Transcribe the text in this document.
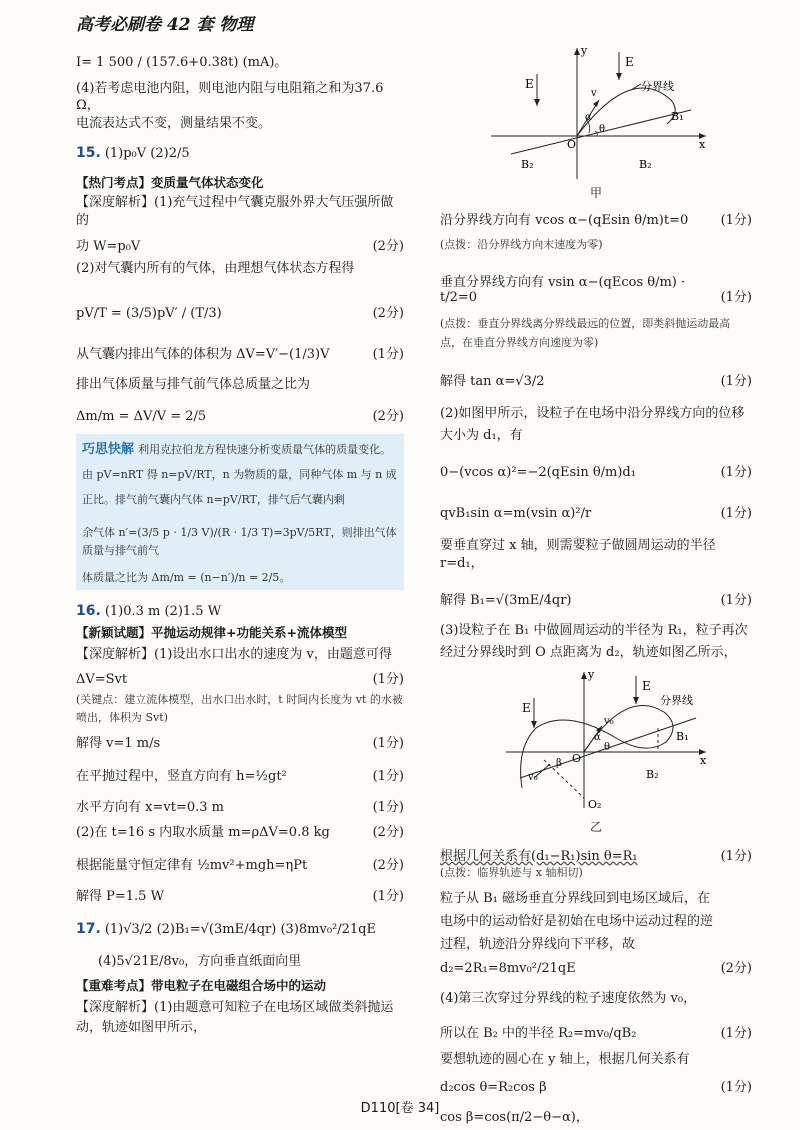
高考必刷卷 42 套 物理

I= 1 500 / (157.6+0.38t) (mA)。

(4)若考虑电池内阻，则电池内阻与电阻箱之和为37.6 Ω，

电流表达式不变，测量结果不变。

15. (1)p₀V (2)2/5

【热门考点】变质量气体状态变化

【深度解析】(1)充气过程中气囊克服外界大气压强所做的

功 W=p₀V	(2分)

(2)对气囊内所有的气体，由理想气体状态方程得

pV/T = (3/5)pV′ / (T/3)	(2分)
从气囊内排出气体的体积为 ΔV=V′−(1/3)V	(1分)

排出气体质量与排气前气体总质量之比为

Δm/m = ΔV/V = 2/5	(2分)

巧思快解 利用克拉伯龙方程快速分析变质量气体的质量变化。由 pV=nRT 得 n=pV/RT，n 为物质的量，同种气体 m 与 n 成正比。排气前气囊内气体 n=pV/RT，排气后气囊内剩

余气体 n′=(3/5 p · 1/3 V)/(R · 1/3 T)=3pV/5RT，则排出气体质量与排气前气

体质量之比为 Δm/m = (n−n′)/n = 2/5。

16. (1)0.3 m (2)1.5 W

【新颖试题】平抛运动规律+功能关系+流体模型

【深度解析】(1)设出水口出水的速度为 v，由题意可得

ΔV=Svt	(1分)

(关键点：建立流体模型，出水口出水时，t 时间内长度为 vt 的水被喷出，体积为 Svt)

解得 v=1 m/s	(1分)
在平抛过程中，竖直方向有 h=½gt²	(1分)
水平方向有 x=vt=0.3 m	(1分)
(2)在 t=16 s 内取水质量 m=ρΔV=0.8 kg	(2分)
根据能量守恒定律有 ½mv²+mgh=ηPt	(2分)
解得 P=1.5 W	(1分)

17. (1)√3/2 (2)B₁=√(3mE/4qr) (3)8mv₀²/21qE

(4)5√21E/8v₀，方向垂直纸面向里

【重难考点】带电粒子在电磁组合场中的运动

【深度解析】(1)由题意可知粒子在电场区域做类斜抛运

动，轨迹如图甲所示，

y
x
E
E
分界线
B₁
B₂	B₂
O
v
α
θ
甲
沿分界线方向有 vcos α−(qEsin θ/m)t=0	(1分)

(点拨：沿分界线方向末速度为零)

垂直分界线方向有 vsin α−(qEcos θ/m) · t/2=0	(1分)

(点拨：垂直分界线离分界线最远的位置，即类斜抛运动最高点，在垂直分界线方向速度为零)

解得 tan α=√3/2	(1分)

(2)如图甲所示，设粒子在电场中沿分界线方向的位移大小为 d₁，有

0−(vcos α)²=−2(qEsin θ/m)d₁	(1分)
qvB₁sin α=m(vsin α)²/r	(1分)

要垂直穿过 x 轴，则需要粒子做圆周运动的半径 r=d₁，

解得 B₁=√(3mE/4qr)	(1分)

(3)设粒子在 B₁ 中做圆周运动的半径为 R₁，粒子再次经过分界线时到 O 点距离为 d₂，轨迹如图乙所示，

y
x
E
E
分界线
B₁
B₂
O
O₂
v₀
v₀
α
θ
β
乙
根据几何关系有(d₁−R₁)sin θ=R₁	(1分)

(点拨：临界轨迹与 x 轴相切)

粒子从 B₁ 磁场垂直分界线回到电场区域后，在电场中的运动恰好是初始在电场中运动过程的逆过程，轨迹沿分界线向下平移，故 d₂=2R₁=8mv₀²/21qE	(2分)

(4)第三次穿过分界线的粒子速度依然为 v₀，

所以在 B₂ 中的半径 R₂=mv₀/qB₂	(1分)

要想轨迹的圆心在 y 轴上，根据几何关系有

d₂cos θ=R₂cos β	(1分)

cos β=cos(π/2−θ−α)，

D110[卷 34]
